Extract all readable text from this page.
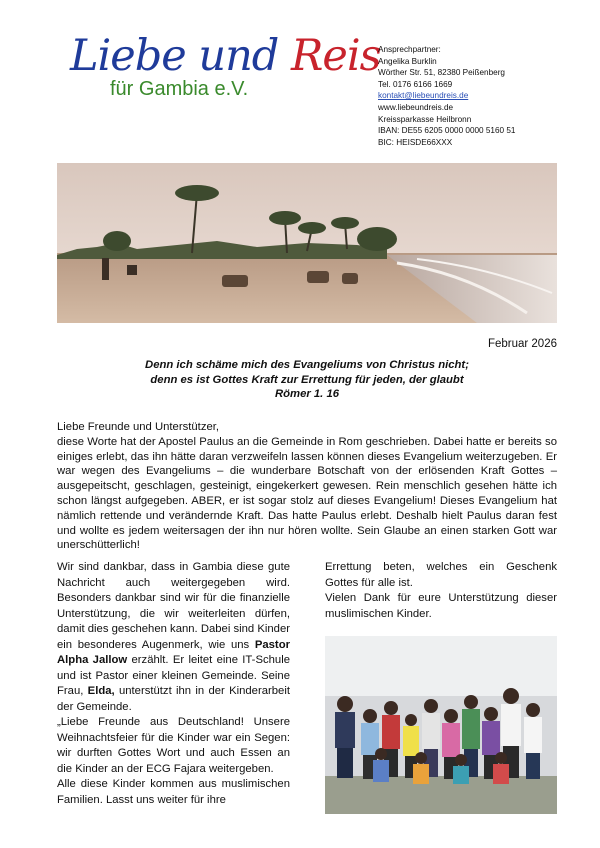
Liebe und Reis
für Gambia e.V.
Ansprechpartner:
Angelika Burklin
Wörther Str. 51, 82380 Peißenberg
Tel. 0176 6166 1669
kontakt@liebeundreis.de
www.liebeundreis.de
Kreissparkasse Heilbronn
IBAN: DE55 6205 0000 0000 5160 51
BIC: HEISDE66XXX
Februar 2026
Denn ich schäme mich des Evangeliums von Christus nicht;
denn es ist Gottes Kraft zur Errettung für jeden, der glaubt
Römer 1. 16

Liebe Freunde und Unterstützer,

diese Worte hat der Apostel Paulus an die Gemeinde in Rom geschrieben. Dabei hatte er bereits so einiges erlebt, das ihn hätte daran verzweifeln lassen können dieses Evangelium weiterzugeben. Er war wegen des Evangeliums – die wunderbare Botschaft von der erlösenden Kraft Gottes – ausgepeitscht, geschlagen, gesteinigt, eingekerkert gewesen. Rein menschlich gesehen hätte ich schon längst aufgegeben. ABER, er ist sogar stolz auf dieses Evangelium! Dieses Evangelium hat nämlich rettende und verändernde Kraft. Das hatte Paulus erlebt. Deshalb hielt Paulus daran fest und wollte es jedem weitersagen der ihn nur hören wollte. Sein Glaube an einen starken Gott war unerschütterlich!

Wir sind dankbar, dass in Gambia diese gute Nachricht auch weitergegeben wird. Besonders dankbar sind wir für die finanzielle Unterstützung, die wir weiterleiten dürfen, damit dies geschehen kann. Dabei sind Kinder ein besonderes Augenmerk, wie uns Pastor Alpha Jallow erzählt. Er leitet eine IT-Schule und ist Pastor einer kleinen Gemeinde. Seine Frau, Elda, unterstützt ihn in der Kinderarbeit der Gemeinde.

„Liebe Freunde aus Deutschland! Unsere Weihnachtsfeier für die Kinder war ein Segen: wir durften Gottes Wort und auch Essen an die Kinder an der ECG Fajara weitergeben.

Alle diese Kinder kommen aus muslimischen Familien. Lasst uns weiter für ihre

Errettung beten, welches ein Geschenk Gottes für alle ist.

Vielen Dank für eure Unterstützung dieser muslimischen Kinder.
